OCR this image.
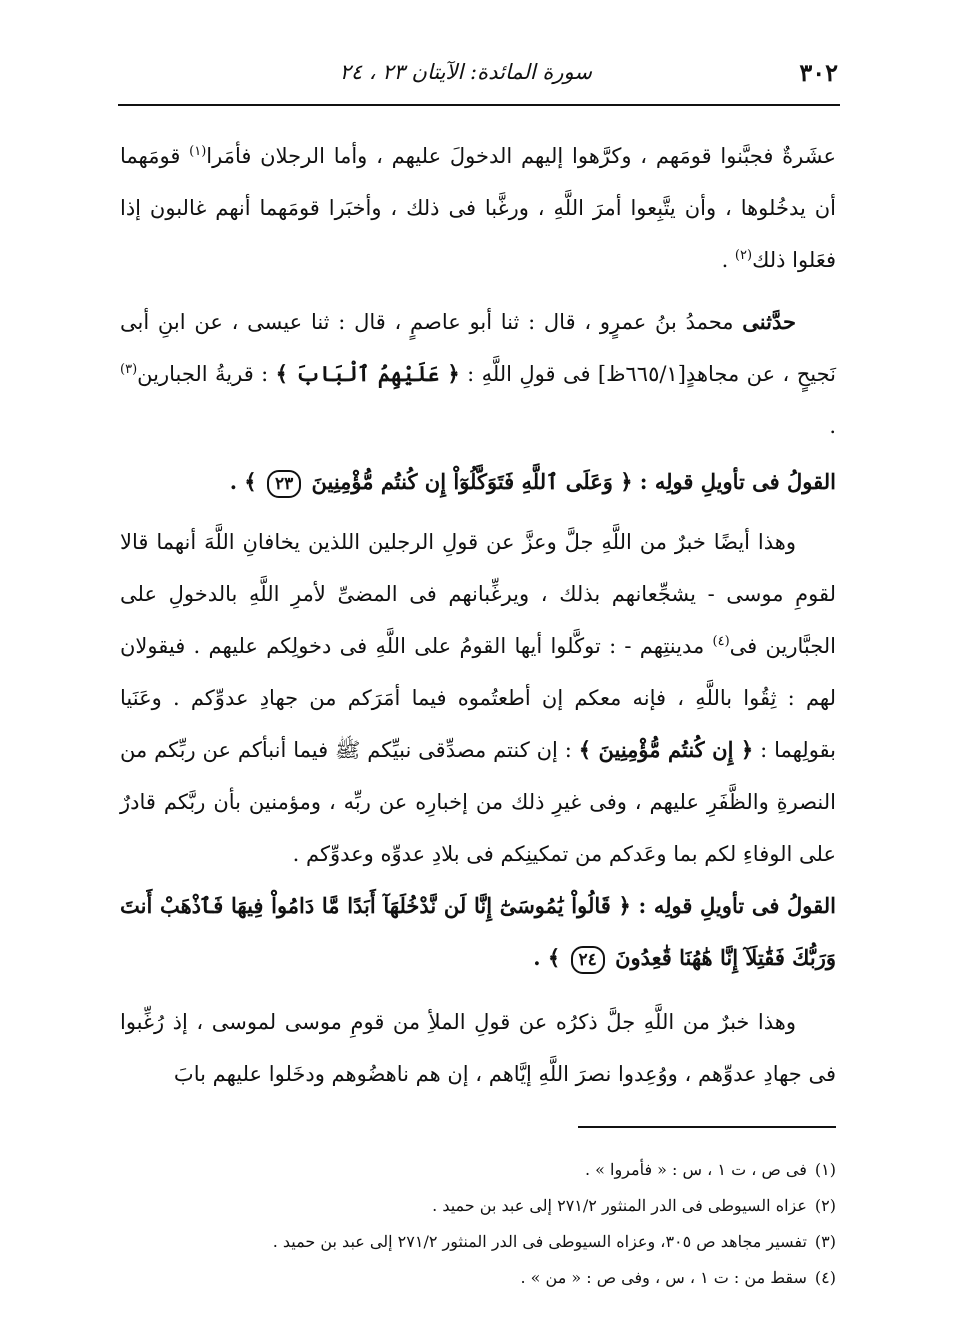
٣٠٢
سورة المائدة: الآيتان ٢٣ ، ٢٤

عشَرةٌ فجبَّنوا قومَهم ، وكرَّهوا إليهم الدخولَ عليهم ، وأما الرجلان فأمَرا$^{(١)}$ قومَهما أن يدخُلوها ، وأن يتَّبِعوا أمرَ اللَّهِ ، ورغَّبا فى ذلك ، وأخبَرا قومَهما أنهم غالبون إذا فعَلوا ذلك$^{(٢)}$ .

حدَّثنى محمدُ بنُ عمرٍو ، قال : ثنا أبو عاصمٍ ، قال : ثنا عيسى ، عن ابنِ أبى نَجيحٍ ، عن مجاهدٍ[٦٦٥/١ظ] فى قولِ اللَّهِ : ﴿ عَلَيْهِمُ ٱلْبَابَ ﴾ : قريةُ الجبارين$^{(٣)}$ .

القولُ فى تأويلِ قولِه : ﴿ وَعَلَى ٱللَّهِ فَتَوَكَّلُوٓاْ إِن كُنتُم مُّؤْمِنِينَ ٢٣ ﴾ .

وهذا أيضًا خبرٌ من اللَّهِ جلَّ وعزَّ عن قولِ الرجلين اللذين يخافانِ اللَّهَ أنهما قالا لقومِ موسى - يشجِّعانهم بذلك ، ويرغِّبانهم فى المضىِّ لأمرِ اللَّهِ بالدخولِ على الجبَّارين فى$^{(٤)}$ مدينتِهم - : توكَّلوا أيها القومُ على اللَّهِ فى دخولِكم عليهم . فيقولان لهم : ثِقُوا باللَّهِ ، فإنه معكم إن أطعتُموه فيما أمَرَكم من جهادِ عدوِّكم . وعَنَيا بقولِهما : ﴿ إِن كُنتُم مُّؤْمِنِينَ ﴾ : إن كنتم مصدِّقى نبيِّكم ﷺ فيما أنبأكم عن ربِّكم من النصرةِ والظَّفَرِ عليهم ، وفى غيرِ ذلك من إخبارِه عن ربِّه ، ومؤمنين بأن ربَّكم قادرٌ على الوفاءِ لكم بما وعَدكم من تمكينِكم فى بلادِ عدوِّه وعدوِّكم .

القولُ فى تأويلِ قولِه : ﴿ قَالُواْ يَٰمُوسَىٰٓ إِنَّا لَن نَّدْخُلَهَآ أَبَدًا مَّا دَامُواْ فِيهَا فَٱذْهَبْ أَنتَ وَرَبُّكَ فَقَٰتِلَآ إِنَّا هَٰهُنَا قَٰعِدُونَ ٢٤ ﴾ .

وهذا خبرٌ من اللَّهِ جلَّ ذكرُه عن قولِ الملأِ من قومِ موسى لموسى ، إذ رُغِّبوا فى جهادِ عدوِّهم ، ووُعِدوا نصرَ اللَّهِ إيَّاهم ، إن هم ناهضُوهم ودخَلوا عليهم بابَ

(١)
فى ص ، ت ١ ، س : « فأمروا » .
(٢)
عزاه السيوطى فى الدر المنثور ٢٧١/٢ إلى عبد بن حميد .
(٣)
تفسير مجاهد ص ٣٠٥، وعزاه السيوطى فى الدر المنثور ٢٧١/٢ إلى عبد بن حميد .
(٤)
سقط من : ت ١ ، س ، وفى ص : « من » .
